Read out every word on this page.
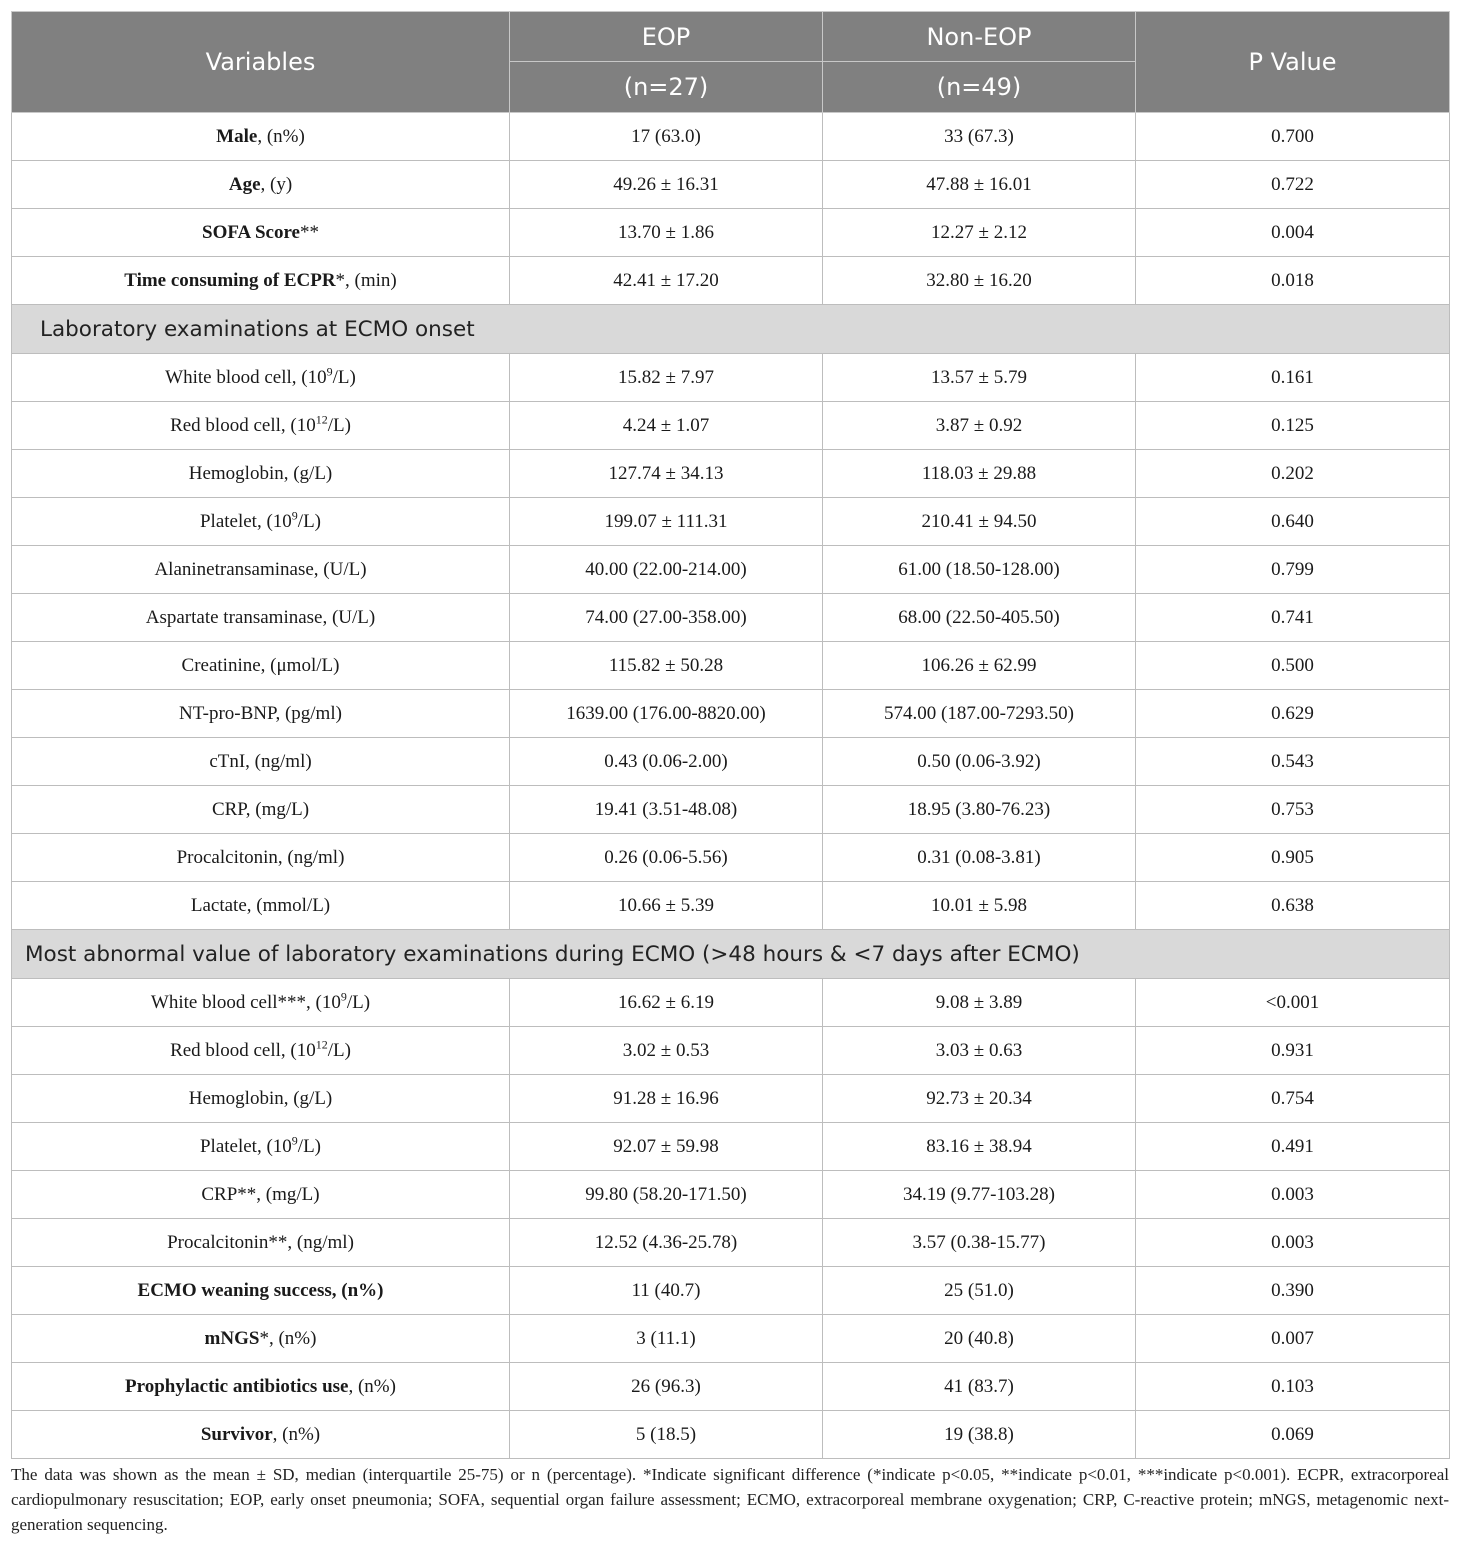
Variables	EOP	Non-EOP	P Value
	(n=27)	(n=49)	
Male, (n%)	17 (63.0)	33 (67.3)	0.700
Age, (y)	49.26 ± 16.31	47.88 ± 16.01	0.722
SOFA Score**	13.70 ± 1.86	12.27 ± 2.12	0.004
Time consuming of ECPR*, (min)	42.41 ± 17.20	32.80 ± 16.20	0.018
Laboratory examinations at ECMO onset			
White blood cell, $(10^9/L)$	15.82 ± 7.97	13.57 ± 5.79	0.161
Red blood cell, $(10^{12}/L)$	4.24 ± 1.07	3.87 ± 0.92	0.125
Hemoglobin, (g/L)	127.74 ± 34.13	118.03 ± 29.88	0.202
Platelet, $(10^9/L)$	199.07 ± 111.31	210.41 ± 94.50	0.640
Alaninetransaminase, (U/L)	40.00 (22.00-214.00)	61.00 (18.50-128.00)	0.799
Aspartate transaminase, (U/L)	74.00 (27.00-358.00)	68.00 (22.50-405.50)	0.741
Creatinine, (μmol/L)	115.82 ± 50.28	106.26 ± 62.99	0.500
NT-pro-BNP, (pg/ml)	1639.00 (176.00-8820.00)	574.00 (187.00-7293.50)	0.629
cTnI, (ng/ml)	0.43 (0.06-2.00)	0.50 (0.06-3.92)	0.543
CRP, (mg/L)	19.41 (3.51-48.08)	18.95 (3.80-76.23)	0.753
Procalcitonin, (ng/ml)	0.26 (0.06-5.56)	0.31 (0.08-3.81)	0.905
Lactate, (mmol/L)	10.66 ± 5.39	10.01 ± 5.98	0.638
Most abnormal value of laboratory examinations during ECMO (>48 hours & <7 days after ECMO)			
White blood cell***, $(10^9/L)$	16.62 ± 6.19	9.08 ± 3.89	<0.001
Red blood cell, $(10^{12}/L)$	3.02 ± 0.53	3.03 ± 0.63	0.931
Hemoglobin, (g/L)	91.28 ± 16.96	92.73 ± 20.34	0.754
Platelet, $(10^9/L)$	92.07 ± 59.98	83.16 ± 38.94	0.491
CRP**, (mg/L)	99.80 (58.20-171.50)	34.19 (9.77-103.28)	0.003
Procalcitonin**, (ng/ml)	12.52 (4.36-25.78)	3.57 (0.38-15.77)	0.003
ECMO weaning success, (n%)	11 (40.7)	25 (51.0)	0.390
mNGS*, (n%)	3 (11.1)	20 (40.8)	0.007
Prophylactic antibiotics use, (n%)	26 (96.3)	41 (83.7)	0.103
Survivor, (n%)	5 (18.5)	19 (38.8)	0.069
The data was shown as the mean ± SD, median (interquartile 25-75) or n (percentage). *Indicate significant difference (*indicate p<0.05, **indicate p<0.01, ***indicate p<0.001). ECPR, extracorporeal cardiopulmonary resuscitation; EOP, early onset pneumonia; SOFA, sequential organ failure assessment; ECMO, extracorporeal membrane oxygenation; CRP, C-reactive protein; mNGS, metagenomic next-generation sequencing.
